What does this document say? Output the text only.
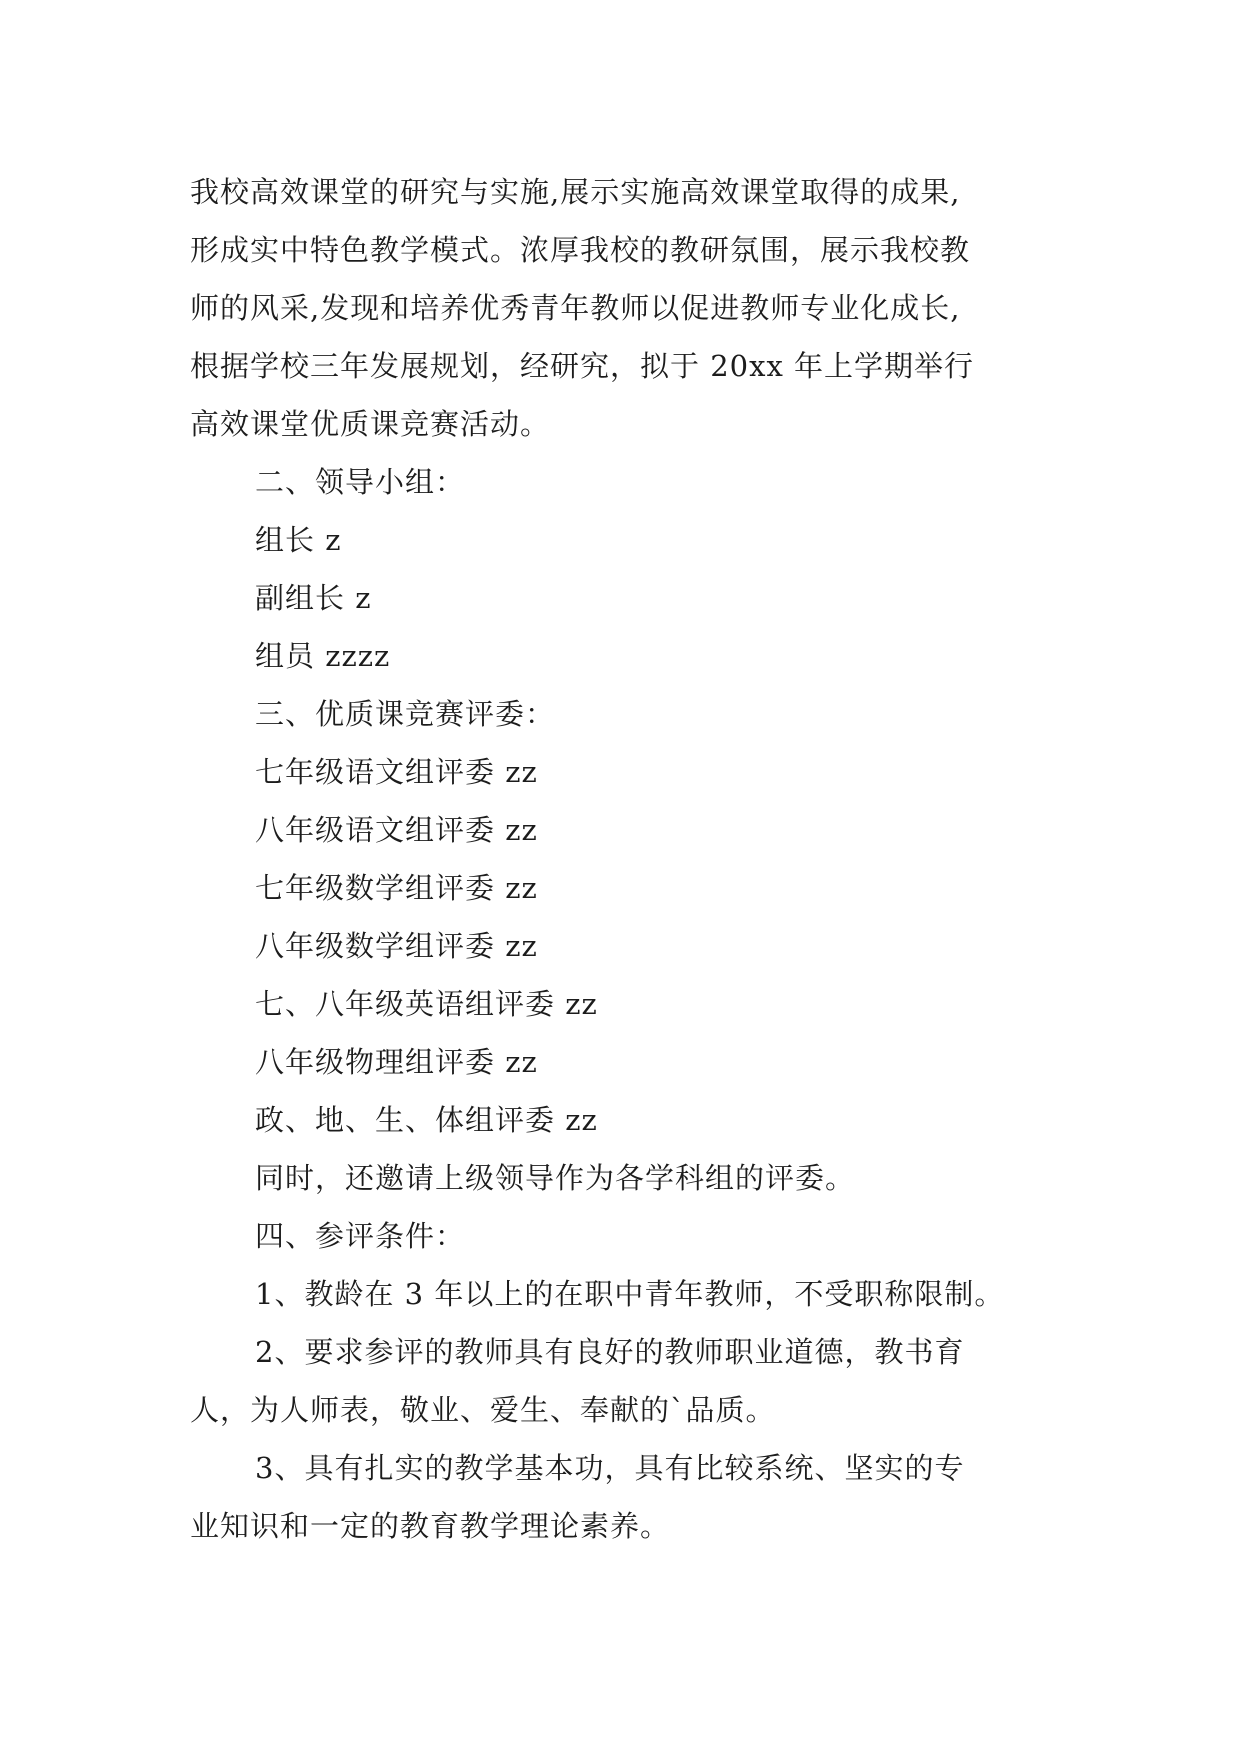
我校高效课堂的研究与实施,展示实施高效课堂取得的成果,
形成实中特色教学模式。浓厚我校的教研氛围，展示我校教
师的风采,发现和培养优秀青年教师以促进教师专业化成长,
根据学校三年发展规划，经研究，拟于 20xx 年上学期举行
高效课堂优质课竞赛活动。
二、领导小组：
组长 z
副组长 z
组员 zzzz
三、优质课竞赛评委：
七年级语文组评委 zz
八年级语文组评委 zz
七年级数学组评委 zz
八年级数学组评委 zz
七、八年级英语组评委 zz
八年级物理组评委 zz
政、地、生、体组评委 zz
同时，还邀请上级领导作为各学科组的评委。
四、参评条件：
1、教龄在 3 年以上的在职中青年教师，不受职称限制。
2、要求参评的教师具有良好的教师职业道德，教书育
人，为人师表，敬业、爱生、奉献的`品质。
3、具有扎实的教学基本功，具有比较系统、坚实的专
业知识和一定的教育教学理论素养。
